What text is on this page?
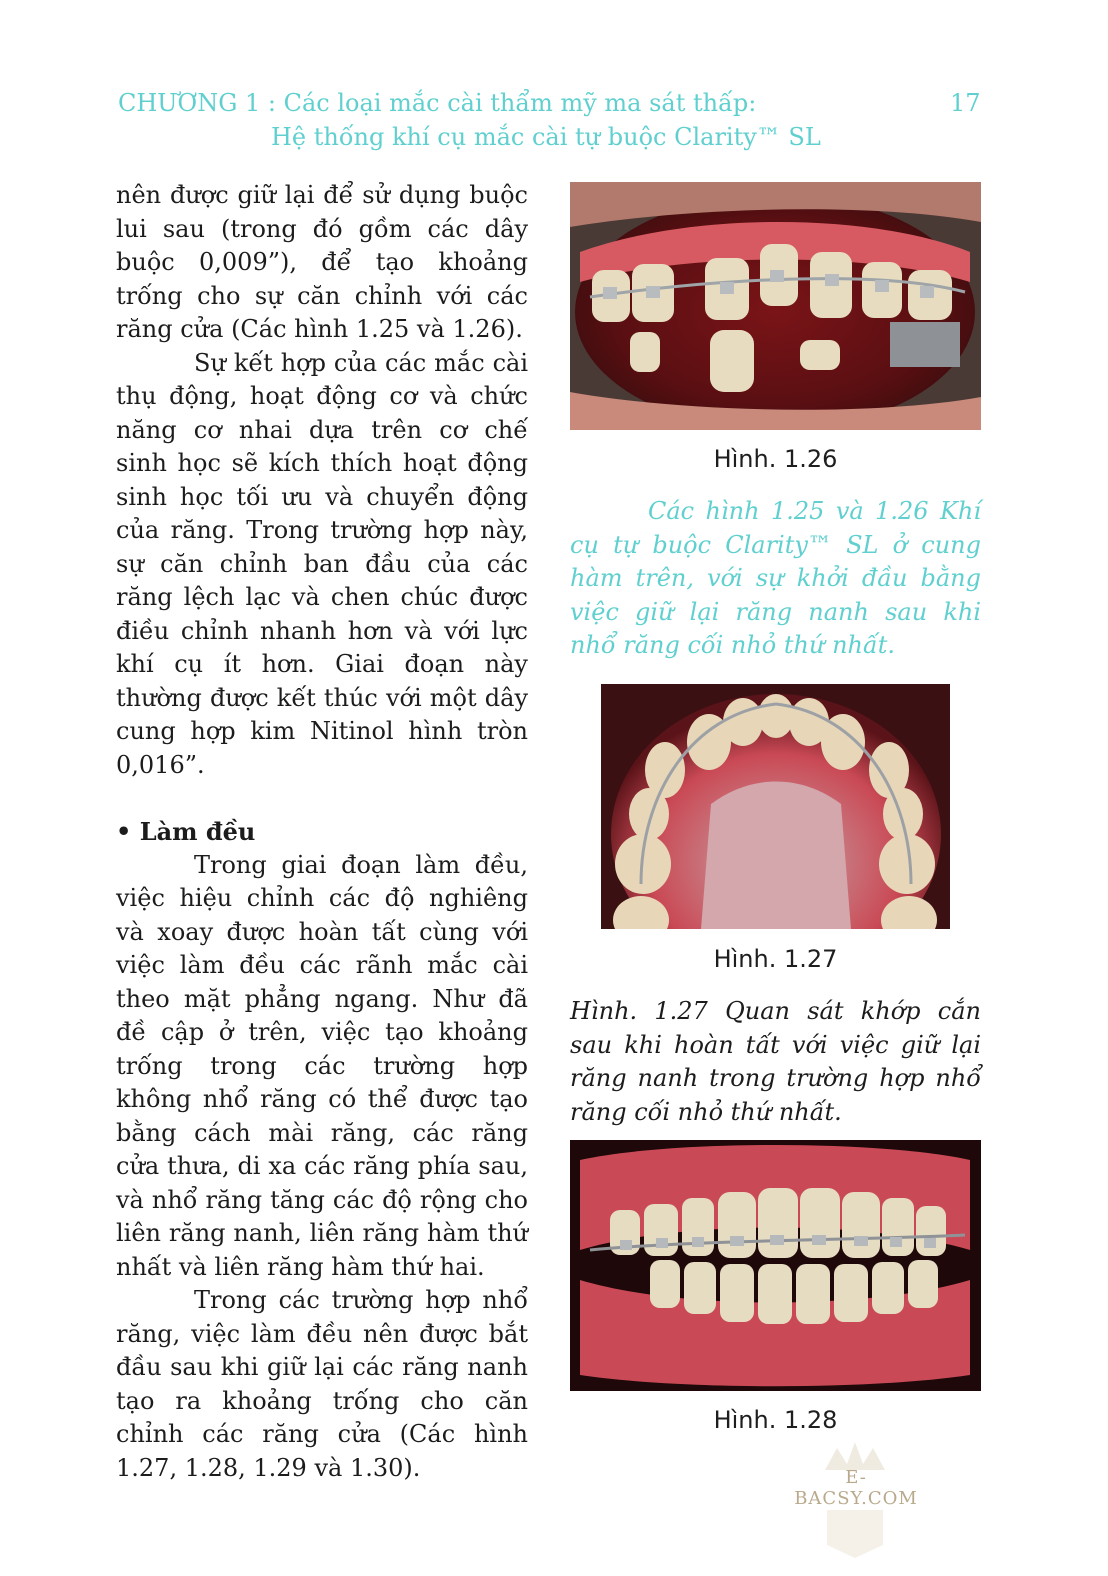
CHƯƠNG 1 : Các loại mắc cài thẩm mỹ ma sát thấp:
Hệ thống khí cụ mắc cài tự buộc Clarity™ SL
17

nên được giữ lại để sử dụng buộc lui sau (trong đó gồm các dây buộc 0,009”), để tạo khoảng trống cho sự căn chỉnh với các răng cửa (Các hình 1.25 và 1.26).

Sự kết hợp của các mắc cài thụ động, hoạt động cơ và chức năng cơ nhai dựa trên cơ chế sinh học sẽ kích thích hoạt động sinh học tối ưu và chuyển động của răng. Trong trường hợp này, sự căn chỉnh ban đầu của các răng lệch lạc và chen chúc được điều chỉnh nhanh hơn và với lực khí cụ ít hơn. Giai đoạn này thường được kết thúc với một dây cung hợp kim Nitinol hình tròn 0,016”.

• Làm đều

Trong giai đoạn làm đều, việc hiệu chỉnh các độ nghiêng và xoay được hoàn tất cùng với việc làm đều các rãnh mắc cài theo mặt phẳng ngang. Như đã đề cập ở trên, việc tạo khoảng trống trong các trường hợp không nhổ răng có thể được tạo bằng cách mài răng, các răng cửa thưa, di xa các răng phía sau, và nhổ răng tăng các độ rộng cho liên răng nanh, liên răng hàm thứ nhất và liên răng hàm thứ hai.

Trong các trường hợp nhổ răng, việc làm đều nên được bắt đầu sau khi giữ lại các răng nanh tạo ra khoảng trống cho căn chỉnh các răng cửa (Các hình 1.27, 1.28, 1.29 và 1.30).

Hình. 1.26

Các hình 1.25 và 1.26 Khí cụ tự buộc Clarity™ SL ở cung hàm trên, với sự khởi đầu bằng việc giữ lại răng nanh sau khi nhổ răng cối nhỏ thứ nhất.

Hình. 1.27

Hình. 1.27 Quan sát khớp cắn sau khi hoàn tất với việc giữ lại răng nanh trong trường hợp nhổ răng cối nhỏ thứ nhất.

Hình. 1.28
E-BACSY.COM
